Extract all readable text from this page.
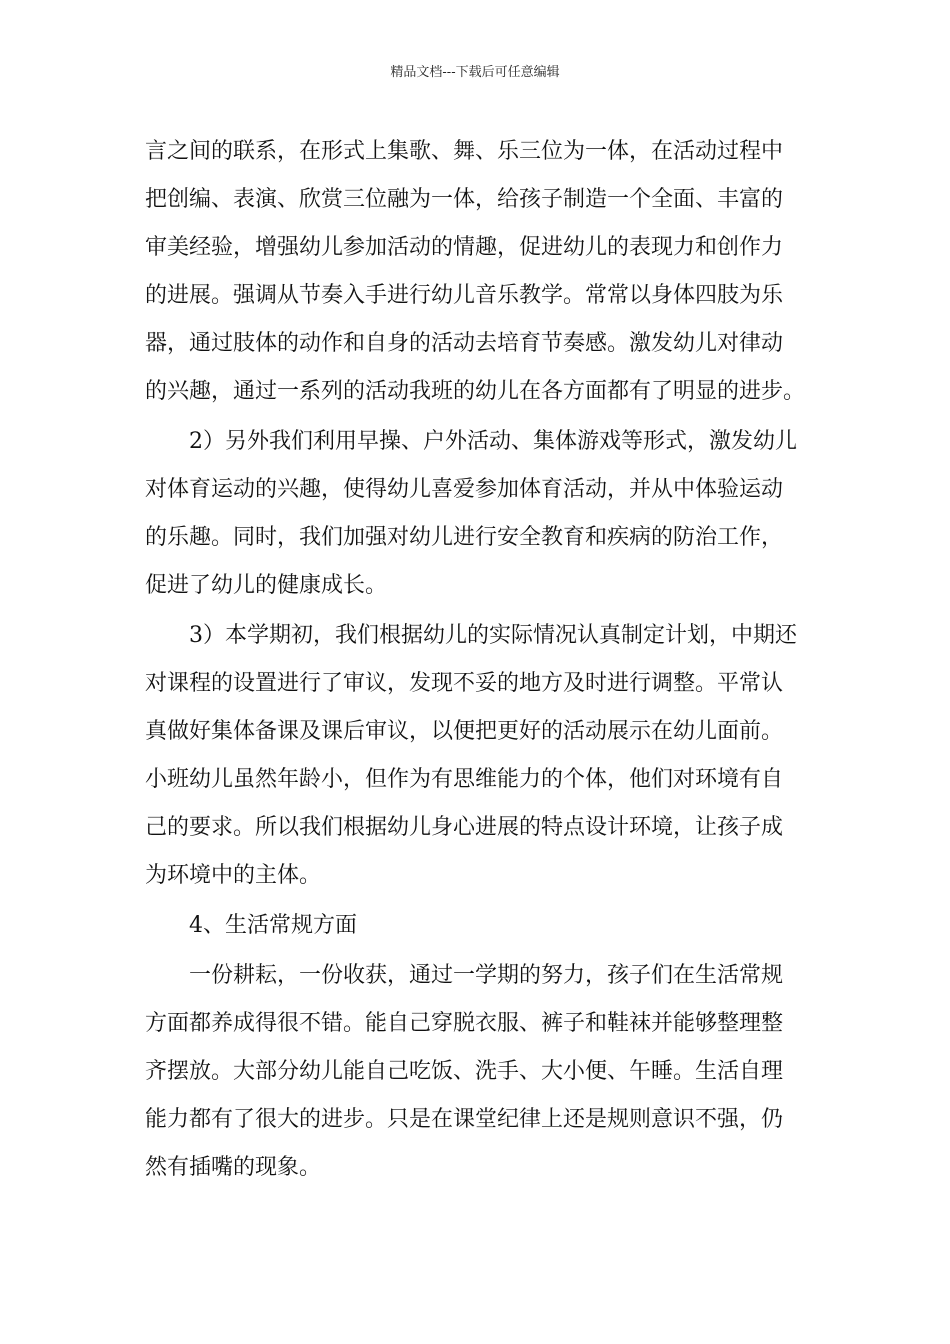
精品文档---下载后可任意编辑
言之间的联系，在形式上集歌、舞、乐三位为一体，在活动过程中
把创编、表演、欣赏三位融为一体，给孩子制造一个全面、丰富的
审美经验，增强幼儿参加活动的情趣，促进幼儿的表现力和创作力
的进展。强调从节奏入手进行幼儿音乐教学。常常以身体四肢为乐
器，通过肢体的动作和自身的活动去培育节奏感。激发幼儿对律动
的兴趣，通过一系列的活动我班的幼儿在各方面都有了明显的进步。
　　2）另外我们利用早操、户外活动、集体游戏等形式，激发幼儿
对体育运动的兴趣，使得幼儿喜爱参加体育活动，并从中体验运动
的乐趣。同时，我们加强对幼儿进行安全教育和疾病的防治工作，
促进了幼儿的健康成长。
　　3）本学期初，我们根据幼儿的实际情况认真制定计划，中期还
对课程的设置进行了审议，发现不妥的地方及时进行调整。平常认
真做好集体备课及课后审议，以便把更好的活动展示在幼儿面前。
小班幼儿虽然年龄小，但作为有思维能力的个体，他们对环境有自
己的要求。所以我们根据幼儿身心进展的特点设计环境，让孩子成
为环境中的主体。
　　4、生活常规方面
　　一份耕耘，一份收获，通过一学期的努力，孩子们在生活常规
方面都养成得很不错。能自己穿脱衣服、裤子和鞋袜并能够整理整
齐摆放。大部分幼儿能自己吃饭、洗手、大小便、午睡。生活自理
能力都有了很大的进步。只是在课堂纪律上还是规则意识不强，仍
然有插嘴的现象。
